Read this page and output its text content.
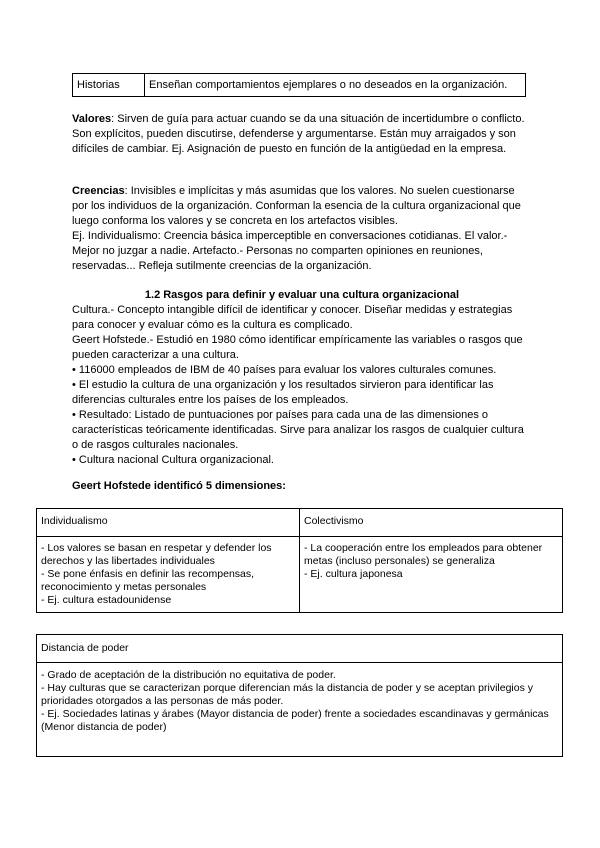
Historias	Enseñan comportamientos ejemplares o no deseados en la organización.

Valores: Sirven de guía para actuar cuando se da una situación de incertidumbre o conflicto. Son explícitos, pueden discutirse, defenderse y argumentarse. Están muy arraigados y son difíciles de cambiar. Ej. Asignación de puesto en función de la antigüedad en la empresa.

Creencias: Invisibles e implícitas y más asumidas que los valores. No suelen cuestionarse por los individuos de la organización. Conforman la esencia de la cultura organizacional que luego conforma los valores y se concreta en los artefactos visibles.

Ej. Individualismo: Creencia básica imperceptible en conversaciones cotidianas. El valor.- Mejor no juzgar a nadie. Artefacto.- Personas no comparten opiniones en reuniones, reservadas... Refleja sutilmente creencias de la organización.

1.2 Rasgos para definir y evaluar una cultura organizacional

Cultura.- Concepto intangible difícil de identificar y conocer. Diseñar medidas y estrategias para conocer y evaluar cómo es la cultura es complicado.

Geert Hofstede.- Estudió en 1980 cómo identificar empíricamente las variables o rasgos que pueden caracterizar a una cultura.

• 116000 empleados de IBM de 40 países para evaluar los valores culturales comunes.

• El estudio la cultura de una organización y los resultados sirvieron para identificar las diferencias culturales entre los países de los empleados.

• Resultado: Listado de puntuaciones por países para cada una de las dimensiones o características teóricamente identificadas. Sirve para analizar los rasgos de cualquier cultura o de rasgos culturales nacionales.

• Cultura nacional Cultura organizacional.

Geert Hofstede identificó 5 dimensiones:

Individualismo	Colectivismo

- Los valores se basan en respetar y defender los derechos y las libertades individuales
- Se pone énfasis en definir las recompensas, reconocimiento y metas personales
- Ej. cultura estadounidense	- La cooperación entre los empleados para obtener metas (incluso personales) se generaliza
- Ej. cultura japonesa
Distancia de poder

- Grado de aceptación de la distribución no equitativa de poder.
- Hay culturas que se caracterizan porque diferencian más la distancia de poder y se aceptan privilegios y prioridades otorgados a las personas de más poder.
- Ej. Sociedades latinas y árabes (Mayor distancia de poder) frente a sociedades escandinavas y germánicas (Menor distancia de poder)
